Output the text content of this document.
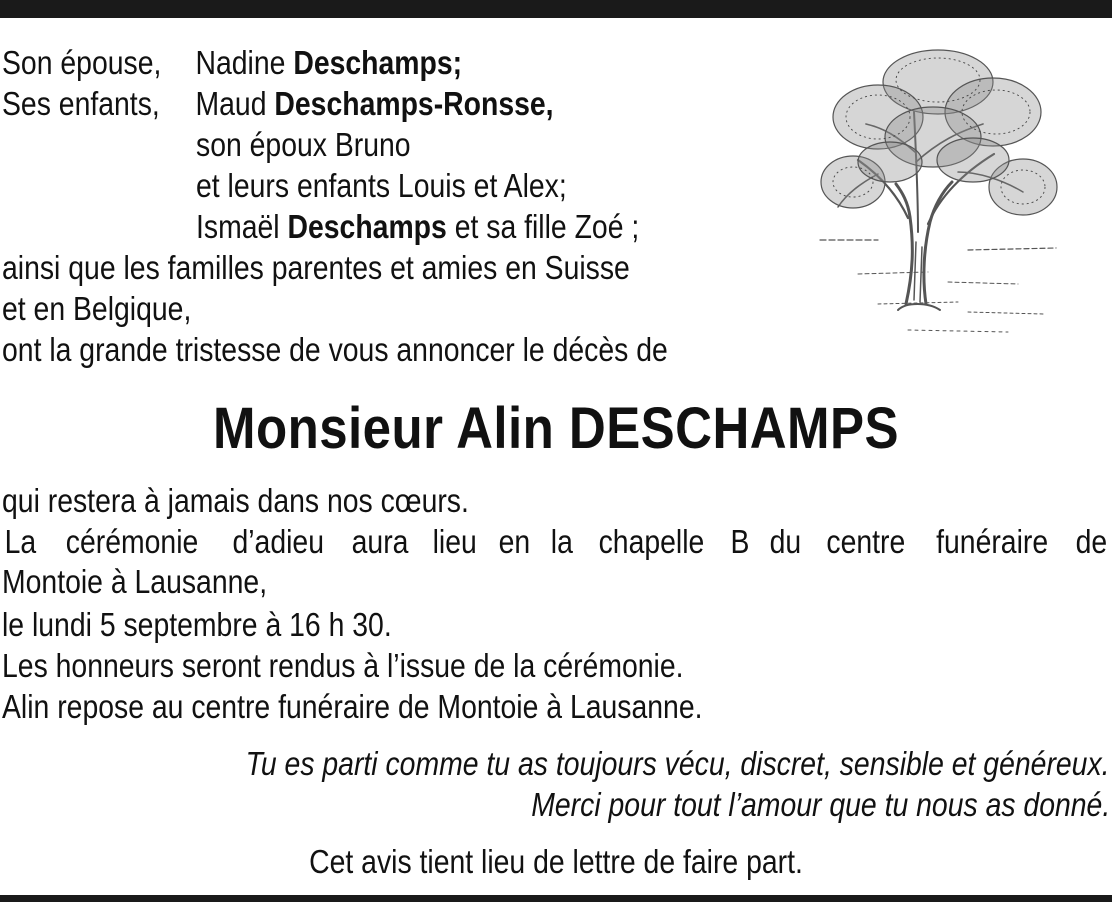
Son épouse, Nadine Deschamps;
Ses enfants, Maud Deschamps-Ronsse,
son époux Bruno
et leurs enfants Louis et Alex;
Ismaël Deschamps et sa fille Zoé ;
ainsi que les familles parentes et amies en Suisse
et en Belgique,
ont la grande tristesse de vous annoncer le décès de
Monsieur Alin DESCHAMPS
qui restera à jamais dans nos cœurs.
La cérémonie d’adieu aura lieu en la chapelle B du centre funéraire de
Montoie à Lausanne,
le lundi 5 septembre à 16 h 30.
Les honneurs seront rendus à l’issue de la cérémonie.
Alin repose au centre funéraire de Montoie à Lausanne.
Tu es parti comme tu as toujours vécu, discret, sensible et généreux.
Merci pour tout l’amour que tu nous as donné.
Cet avis tient lieu de lettre de faire part.
